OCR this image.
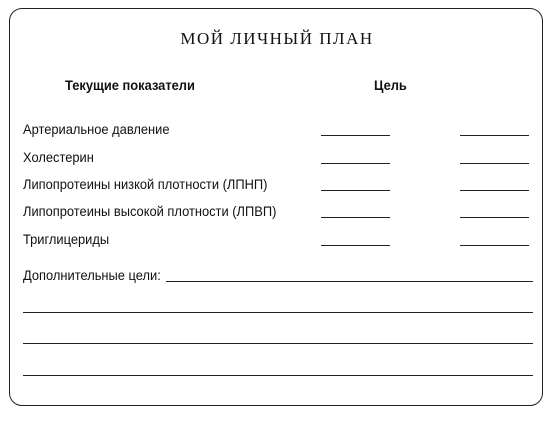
МОЙ ЛИЧНЫЙ ПЛАН
Текущие показатели	Цель
Артериальное давление
Холестерин
Липопротеины низкой плотности (ЛПНП)
Липопротеины высокой плотности (ЛПВП)
Триглицериды
Дополнительные цели:
